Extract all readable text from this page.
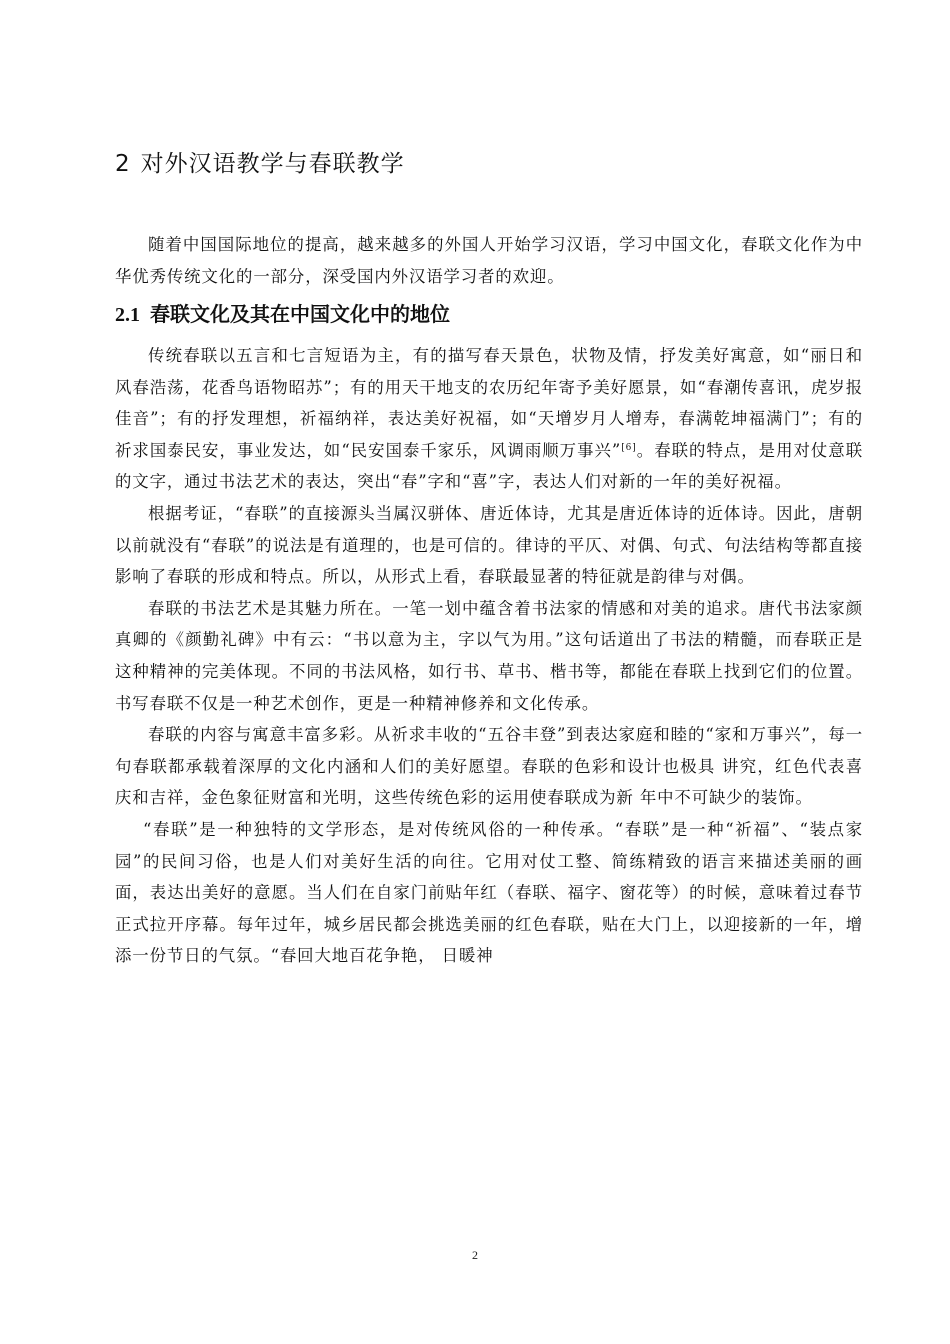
2 对外汉语教学与春联教学

随着中国国际地位的提高，越来越多的外国人开始学习汉语，学习中国文化，春联文化作为中华优秀传统文化的一部分，深受国内外汉语学习者的欢迎。

2.1 春联文化及其在中国文化中的地位

传统春联以五言和七言短语为主，有的描写春天景色，状物及情，抒发美好寓意，如“丽日和风春浩荡，花香鸟语物昭苏”；有的用天干地支的农历纪年寄予美好愿景，如“春潮传喜讯，虎岁报佳音”；有的抒发理想，祈福纳祥，表达美好祝福，如“天增岁月人增寿，春满乾坤福满门”；有的祈求国泰民安，事业发达，如“民安国泰千家乐，风调雨顺万事兴”[6]。春联的特点，是用对仗意联的文字，通过书法艺术的表达，突出“春”字和“喜”字，表达人们对新的一年的美好祝福。

根据考证，“春联”的直接源头当属汉骈体、唐近体诗，尤其是唐近体诗的近体诗。因此，唐朝以前就没有“春联”的说法是有道理的，也是可信的。律诗的平仄、对偶、句式、句法结构等都直接影响了春联的形成和特点。所以，从形式上看，春联最显著的特征就是韵律与对偶。

春联的书法艺术是其魅力所在。一笔一划中蕴含着书法家的情感和对美的追求。唐代书法家颜真卿的《颜勤礼碑》中有云：“书以意为主，字以气为用。”这句话道出了书法的精髓，而春联正是这种精神的完美体现。不同的书法风格，如行书、草书、楷书等，都能在春联上找到它们的位置。书写春联不仅是一种艺术创作，更是一种精神修养和文化传承。

春联的内容与寓意丰富多彩。从祈求丰收的“五谷丰登”到表达家庭和睦的“家和万事兴”，每一句春联都承载着深厚的文化内涵和人们的美好愿望。春联的色彩和设计也极具 讲究，红色代表喜庆和吉祥，金色象征财富和光明，这些传统色彩的运用使春联成为新 年中不可缺少的装饰。

“春联”是一种独特的文学形态，是对传统风俗的一种传承。“春联”是一种“祈福”、“装点家园”的民间习俗，也是人们对美好生活的向往。它用对仗工整、简练精致的语言来描述美丽的画面，表达出美好的意愿。当人们在自家门前贴年红（春联、福字、窗花等）的时候，意味着过春节正式拉开序幕。每年过年，城乡居民都会挑选美丽的红色春联，贴在大门上，以迎接新的一年，增添一份节日的气氛。“春回大地百花争艳， 日暖神

2
